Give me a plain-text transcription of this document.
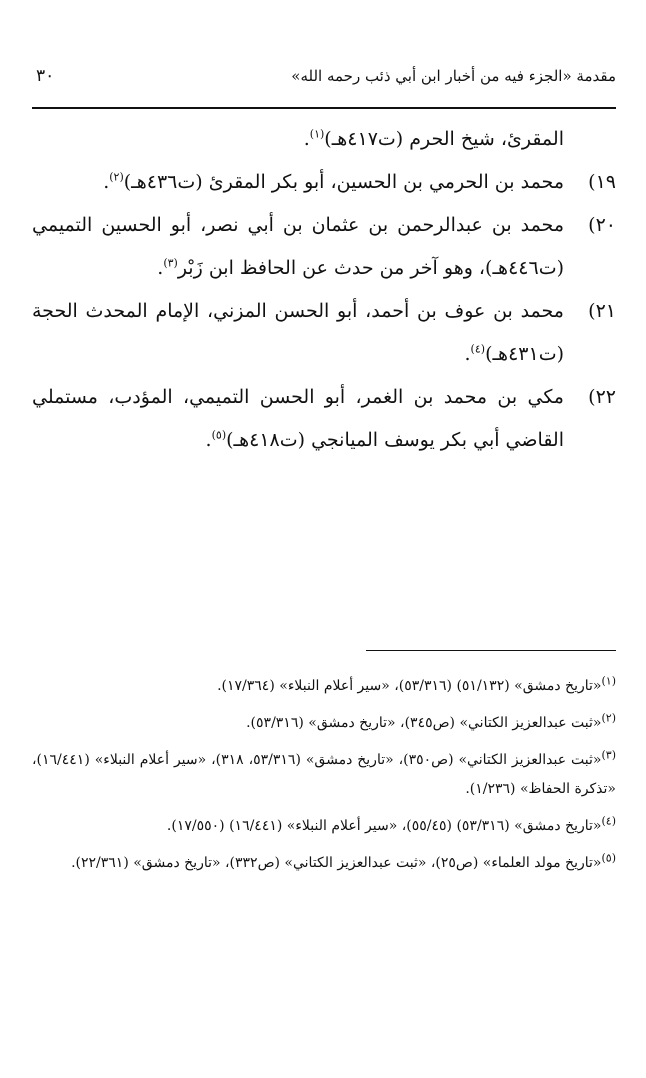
٣٠	مقدمة «الجزء فيه من أخبار ابن أبي ذئب رحمه الله»
المقرئ، شيخ الحرم (ت٤١٧هـ)$^{(١)}$.
١٩)
محمد بن الحرمي بن الحسين، أبو بكر المقرئ (ت٤٣٦هـ)$^{(٢)}$.
٢٠)
محمد بن عبدالرحمن بن عثمان بن أبي نصر، أبو الحسين التميمي (ت٤٤٦هـ)، وهو آخر من حدث عن الحافظ ابن زَبْر$^{(٣)}$.
٢١)
محمد بن عوف بن أحمد، أبو الحسن المزني، الإمام المحدث الحجة (ت٤٣١هـ)$^{(٤)}$.
٢٢)
مكي بن محمد بن الغمر، أبو الحسن التميمي، المؤدب، مستملي القاضي أبي بكر يوسف الميانجي (ت٤١٨هـ)$^{(٥)}$.
$^{(١)}$«تاريخ دمشق» (٥١/١٣٢) (٥٣/٣١٦)، «سير أعلام النبلاء» (١٧/٣٦٤).
$^{(٢)}$«ثبت عبدالعزيز الكتاني» (ص٣٤٥)، «تاريخ دمشق» (٥٣/٣١٦).
$^{(٣)}$«ثبت عبدالعزيز الكتاني» (ص٣٥٠)، «تاريخ دمشق» (٥٣/٣١٦، ٣١٨)، «سير أعلام النبلاء» (١٦/٤٤١)، «تذكرة الحفاظ» (١/٢٣٦).
$^{(٤)}$«تاريخ دمشق» (٥٣/٣١٦) (٥٥/٤٥)، «سير أعلام النبلاء» (١٦/٤٤١) (١٧/٥٥٠).
$^{(٥)}$«تاريخ مولد العلماء» (ص٢٥)، «ثبت عبدالعزيز الكتاني» (ص٣٣٢)، «تاريخ دمشق» (٢٢/٣٦١).
